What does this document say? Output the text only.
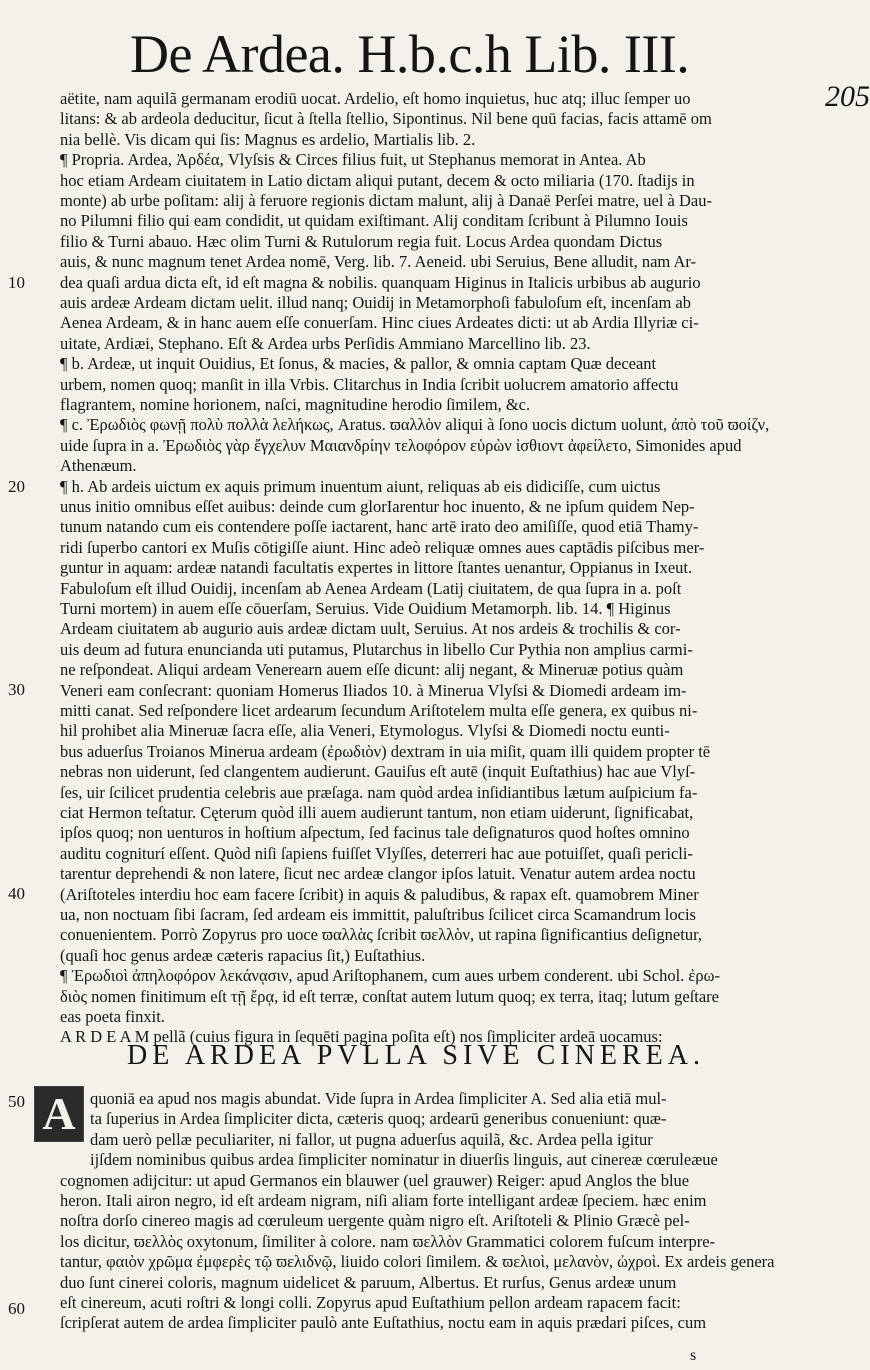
De Ardea. H.b.c.h Lib. III.
205
aëtite, nam aquilã germanam erodiū uocat. Ardelio, eſt homo inquietus, huc atq; illuc ſemper uo
litans: & ab ardeola deducitur, ſicut à ſtella ſtellio, Sipontinus. Nil bene quū facias, facis attamē om
nia bellè. Vis dicam qui ſis: Magnus es ardelio, Martialis lib. 2.
¶ Propria. Ardea, Ἀρδέα, Vlyſsis & Circes filius fuit, ut Stephanus memorat in Antea. Ab
hoc etiam Ardeam ciuitatem in Latio dictam aliqui putant, decem & octo miliaria (170. ſtadijs in
monte) ab urbe poſitam: alij à feruore regionis dictam malunt, alij à Danaë Perſei matre, uel à Dau-
no Pilumni filio qui eam condidit, ut quidam exiſtimant. Alij conditam ſcribunt à Pilumno Iouis
filio & Turni abauo. Hæc olim Turni & Rutulorum regia fuit. Locus Ardea quondam Dictus
auis, & nunc magnum tenet Ardea nomē, Verg. lib. 7. Aeneid. ubi Seruius, Bene alludit, nam Ar-
dea quaſi ardua dicta eſt, id eſt magna & nobilis. quanquam Higinus in Italicis urbibus ab augurio
auis ardeæ Ardeam dictam uelit. illud nanq; Ouidij in Metamorphoſi fabuloſum eſt, incenſam ab
Aenea Ardeam, & in hanc auem eſſe conuerſam. Hinc ciues Ardeates dicti: ut ab Ardia Illyriæ ci-
uitate, Ardiæi, Stephano. Eſt & Ardea urbs Perſidis Ammiano Marcellino lib. 23.
¶ b. Ardeæ, ut inquit Ouidius, Et ſonus, & macies, & pallor, & omnia captam Quæ deceant
urbem, nomen quoq; manſit in illa Vrbis. Clitarchus in India ſcribit uolucrem amatorio affectu
flagrantem, nomine horionem, naſci, magnitudine herodio ſimilem, &c.
¶ c. Ἐρωδιὸς φωνῇ πολὺ πολλὰ λελήκως, Aratus. ϖαλλὸν aliqui à ſono uocis dictum uolunt, ἀπὸ τοῦ ϖοίζν,
uide ſupra in a. Ἐρωδιὸς γὰρ ἔγχελυν Μαιανδρίην τελοφόρον εὑρὼν ἰσθιοντ ἀφείλετο, Simonides apud
Athenæum.
¶ h. Ab ardeis uictum ex aquis primum inuentum aiunt, reliquas ab eis didiciſſe, cum uictus
unus initio omnibus eſſet auibus: deinde cum glorIarentur hoc inuento, & ne ipſum quidem Nep-
tunum natando cum eis contendere poſſe iactarent, hanc artē irato deo amiſiſſe, quod etiā Thamy-
ridi ſuperbo cantori ex Muſis cōtigiſſe aiunt. Hinc adeò reliquæ omnes aues captādis piſcibus mer-
guntur in aquam: ardeæ natandi facultatis expertes in littore ſtantes uenantur, Oppianus in Ixeut.
Fabuloſum eſt illud Ouidij, incenſam ab Aenea Ardeam (Latij ciuitatem, de qua ſupra in a. poſt
Turni mortem) in auem eſſe cōuerſam, Seruius. Vide Ouidium Metamorph. lib. 14. ¶ Higinus
Ardeam ciuitatem ab augurio auis ardeæ dictam uult, Seruius. At nos ardeis & trochilis & cor-
uis deum ad futura enuncianda uti putamus, Plutarchus in libello Cur Pythia non amplius carmi-
ne reſpondeat. Aliqui ardeam Venerearn auem eſſe dicunt: alij negant, & Mineruæ potius quàm
Veneri eam conſecrant: quoniam Homerus Iliados 10. à Minerua Vlyſsi & Diomedi ardeam im-
mitti canat. Sed reſpondere licet ardearum ſecundum Ariſtotelem multa eſſe genera, ex quibus ni-
hil prohibet alia Mineruæ ſacra eſſe, alia Veneri, Etymologus. Vlyſsi & Diomedi noctu eunti-
bus aduerſus Troianos Minerua ardeam (ἐρωδιὸν) dextram in uia miſit, quam illi quidem propter tē
nebras non uiderunt, ſed clangentem audierunt. Gauiſus eſt autē (inquit Euſtathius) hac aue Vlyſ-
ſes, uir ſcilicet prudentia celebris aue præſaga. nam quòd ardea inſidiantibus lætum auſpicium fa-
ciat Hermon teſtatur. Cęterum quòd illi auem audierunt tantum, non etiam uiderunt, ſignificabat,
ipſos quoq; non uenturos in hoſtium aſpectum, ſed facinus tale deſignaturos quod hoſtes omnino
auditu cogniturí eſſent. Quòd niſi ſapiens fuiſſet Vlyſſes, deterreri hac aue potuiſſet, quaſi pericli-
tarentur deprehendi & non latere, ſicut nec ardeæ clangor ipſos latuit. Venatur autem ardea noctu
(Ariſtoteles interdiu hoc eam facere ſcribit) in aquis & paludibus, & rapax eſt. quamobrem Miner
ua, non noctuam ſibi ſacram, ſed ardeam eis immittit, paluſtribus ſcilicet circa Scamandrum locis
conuenientem. Porrò Zopyrus pro uoce ϖαλλὰς ſcribit ϖελλὸν, ut rapina ſignificantius deſignetur,
(quaſi hoc genus ardeæ cæteris rapacius ſit,) Euſtathius.
¶ Ἐρωδιοὶ ἀπηλοφόρον λεκάνᾳσιν, apud Ariſtophanem, cum aues urbem conderent. ubi Schol. ἐρω-
διὸς nomen finitimum eſt τῇ ἔρᾳ, id eſt terræ, conſtat autem lutum quoq; ex terra, itaq; lutum geſtare
eas poeta finxit.
A R D E A M pellã (cuius figura in ſequēti pagina poſita eſt) nos ſimpliciter ardeā uocamus:
quoniā ea apud nos magis abundat. Vide ſupra in Ardea ſimpliciter A. Sed alia etiā mul-
ta ſuperius in Ardea ſimpliciter dicta, cæteris quoq; ardearū generibus conueniunt: quæ-
dam uerò pellæ peculiariter, ni fallor, ut pugna aduerſus aquilã, &c. Ardea pella igitur
ijſdem nominibus quibus ardea ſimpliciter nominatur in diuerſis linguis, aut cinereæ cœruleæue
cognomen adijcitur: ut apud Germanos ein blauwer (uel grauwer) Reiger: apud Anglos the blue
heron. Itali airon negro, id eſt ardeam nigram, niſi aliam forte intelligant ardeæ ſpeciem. hæc enim
noſtra dorſo cinereo magis ad cœruleum uergente quàm nigro eſt. Ariſtoteli & Plinio Græcè pel-
los dicitur, ϖελλὸς oxytonum, ſimiliter à colore. nam ϖελλὸν Grammatici colorem fuſcum interpre-
tantur, φαιὸν χρῶμα ἐμφερὲς τῷ ϖελιδνῷ, liuido colori ſimilem. & ϖελιοὶ, μελανὸν, ὠχροὶ. Ex ardeis genera
duo ſunt cinerei coloris, magnum uidelicet & paruum, Albertus. Et rurſus, Genus ardeæ unum
eſt cinereum, acuti roſtri & longi colli. Zopyrus apud Euſtathium pellon ardeam rapacem facit:
ſcripſerat autem de ardea ſimpliciter paulò ante Euſtathius, noctu eam in aquis prædari piſces, cum
10
20
30
40
50
60
DE ARDEA PVLLA SIVE CINEREA.
A
s
